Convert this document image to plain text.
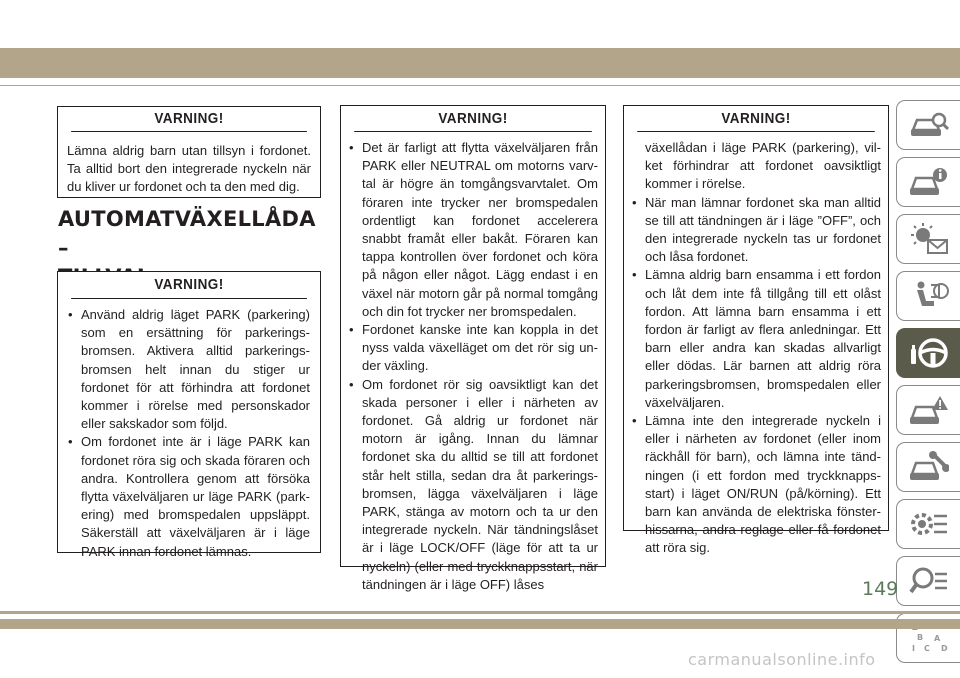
VARNING!

Lämna aldrig barn utan tillsyn i fordonet. Ta alltid bort den integrerade nyckeln när du kliver ur fordonet och ta den med dig.

AUTOMATVÄXELLÅDA –
VARNING!
• Använd aldrig läget PARK (parkering) som en ersättning för parkeringsbromsen. Aktivera alltid parkeringsbromsen helt innan du stiger ur fordonet för att förhindra att fordonet kommer i rörelse med personskador eller sakskador som följd.
• Om fordonet inte är i läge PARK kan fordonet röra sig och skada föraren och andra. Kontrollera genom att försöka flytta växelväljaren ur läge PARK (parkering) med bromspedalen uppsläppt. Säkerställ att växelväljaren är i läge PARK innan fordonet lämnas.
VARNING!
• Det är farligt att flytta växelväljaren från PARK eller NEUTRAL om motorns varvtal är högre än tomgångsvarvtalet. Om föraren inte trycker ner bromspedalen ordentligt kan fordonet accelerera snabbt framåt eller bakåt. Föraren kan tappa kontrollen över fordonet och köra på någon eller något. Lägg endast i en växel när motorn går på normal tomgång och din fot trycker ner bromspedalen.
• Fordonet kanske inte kan koppla in det nyss valda växelläget om det rör sig under växling.
• Om fordonet rör sig oavsiktligt kan det skada personer i eller i närheten av fordonet. Gå aldrig ur fordonet när motorn är igång. Innan du lämnar fordonet ska du alltid se till att fordonet står helt stilla, sedan dra åt parkeringsbromsen, lägga växelväljaren i läge PARK, stänga av motorn och ta ur den integrerade nyckeln. När tändningslåset är i läge LOCK/OFF (läge för att ta ur nyckeln) (eller med tryckknappsstart, när tändningen är i läge OFF) låses
VARNING!

växellådan i läge PARK (parkering), vilket förhindrar att fordonet oavsiktligt kommer i rörelse.

• När man lämnar fordonet ska man alltid se till att tändningen är i läge ”OFF”, och den integrerade nyckeln tas ur fordonet och låsa fordonet.
• Lämna aldrig barn ensamma i ett fordon och låt dem inte få tillgång till ett olåst fordon. Att lämna barn ensamma i ett fordon är farligt av flera anledningar. Ett barn eller andra kan skadas allvarligt eller dödas. Lär barnen att aldrig röra parkeringsbromsen, bromspedalen eller växelväljaren.
• Lämna inte den integrerade nyckeln i eller i närheten av fordonet (eller inom räckhåll för barn), och lämna inte tändningen (i ett fordon med tryckknappsstart) i läget ON/RUN (på/körning). Ett barn kan använda de elektriska fönsterhissarna, andra reglage eller få fordonet att röra sig.
B A
I C D
149
carmanualsonline.info
